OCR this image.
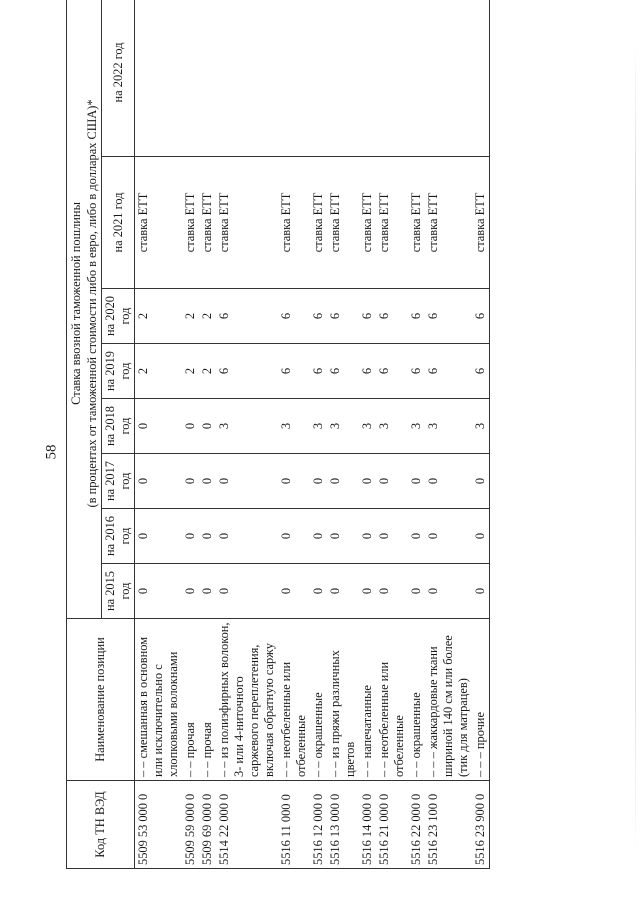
58
Код ТН ВЭД	Наименование позиции	Ставка ввозной таможенной пошлины (в процентах от таможенной стоимости либо в евро, либо в долларах США)*							

		на 2015 год	на 2016 год	на 2017 год	на 2018 год	на 2019 год	на 2020 год	на 2021 год	на 2022 год
5509 53 000 0	– – смешанная в основном или исключительно с хлопковыми волокнами	0	0	0	0	2	2	ставка ЕТТ	
5509 59 000 0	– – прочая	0	0	0	0	2	2	ставка ЕТТ	
5509 69 000 0	– – прочая	0	0	0	0	2	2	ставка ЕТТ	
5514 22 000 0	– – из полиэфирных волокон, 3- или 4-ниточного саржевого переплетения, включая обратную саржу	0	0	0	3	6	6	ставка ЕТТ	
5516 11 000 0	– – неотбеленные или отбеленные	0	0	0	3	6	6	ставка ЕТТ	
5516 12 000 0	– – окрашенные	0	0	0	3	6	6	ставка ЕТТ	
5516 13 000 0	– – из пряжи различных цветов	0	0	0	3	6	6	ставка ЕТТ	
5516 14 000 0	– – напечатанные	0	0	0	3	6	6	ставка ЕТТ	
5516 21 000 0	– – неотбеленные или отбеленные	0	0	0	3	6	6	ставка ЕТТ	
5516 22 000 0	– – окрашенные	0	0	0	3	6	6	ставка ЕТТ	
5516 23 100 0	– – – жаккардовые ткани шириной 140 см или более (тик для матрацев)	0	0	0	3	6	6	ставка ЕТТ	
5516 23 900 0	– – – прочие	0	0	0	3	6	6	ставка ЕТТ	
